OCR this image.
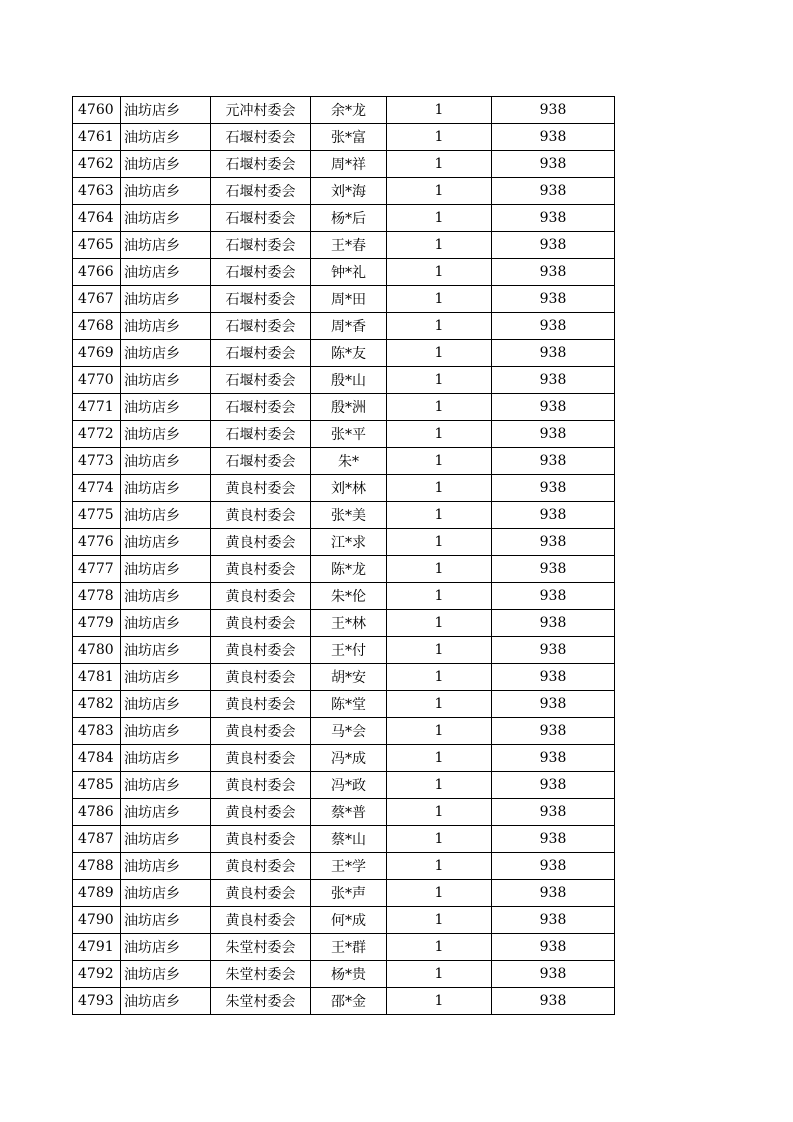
4760	油坊店乡	元冲村委会	余*龙	1	938
4761	油坊店乡	石堰村委会	张*富	1	938
4762	油坊店乡	石堰村委会	周*祥	1	938
4763	油坊店乡	石堰村委会	刘*海	1	938
4764	油坊店乡	石堰村委会	杨*后	1	938
4765	油坊店乡	石堰村委会	王*春	1	938
4766	油坊店乡	石堰村委会	钟*礼	1	938
4767	油坊店乡	石堰村委会	周*田	1	938
4768	油坊店乡	石堰村委会	周*香	1	938
4769	油坊店乡	石堰村委会	陈*友	1	938
4770	油坊店乡	石堰村委会	殷*山	1	938
4771	油坊店乡	石堰村委会	殷*洲	1	938
4772	油坊店乡	石堰村委会	张*平	1	938
4773	油坊店乡	石堰村委会	朱*	1	938
4774	油坊店乡	黄良村委会	刘*林	1	938
4775	油坊店乡	黄良村委会	张*美	1	938
4776	油坊店乡	黄良村委会	江*求	1	938
4777	油坊店乡	黄良村委会	陈*龙	1	938
4778	油坊店乡	黄良村委会	朱*伦	1	938
4779	油坊店乡	黄良村委会	王*林	1	938
4780	油坊店乡	黄良村委会	王*付	1	938
4781	油坊店乡	黄良村委会	胡*安	1	938
4782	油坊店乡	黄良村委会	陈*堂	1	938
4783	油坊店乡	黄良村委会	马*会	1	938
4784	油坊店乡	黄良村委会	冯*成	1	938
4785	油坊店乡	黄良村委会	冯*政	1	938
4786	油坊店乡	黄良村委会	蔡*普	1	938
4787	油坊店乡	黄良村委会	蔡*山	1	938
4788	油坊店乡	黄良村委会	王*学	1	938
4789	油坊店乡	黄良村委会	张*声	1	938
4790	油坊店乡	黄良村委会	何*成	1	938
4791	油坊店乡	朱堂村委会	王*群	1	938
4792	油坊店乡	朱堂村委会	杨*贵	1	938
4793	油坊店乡	朱堂村委会	邵*金	1	938
